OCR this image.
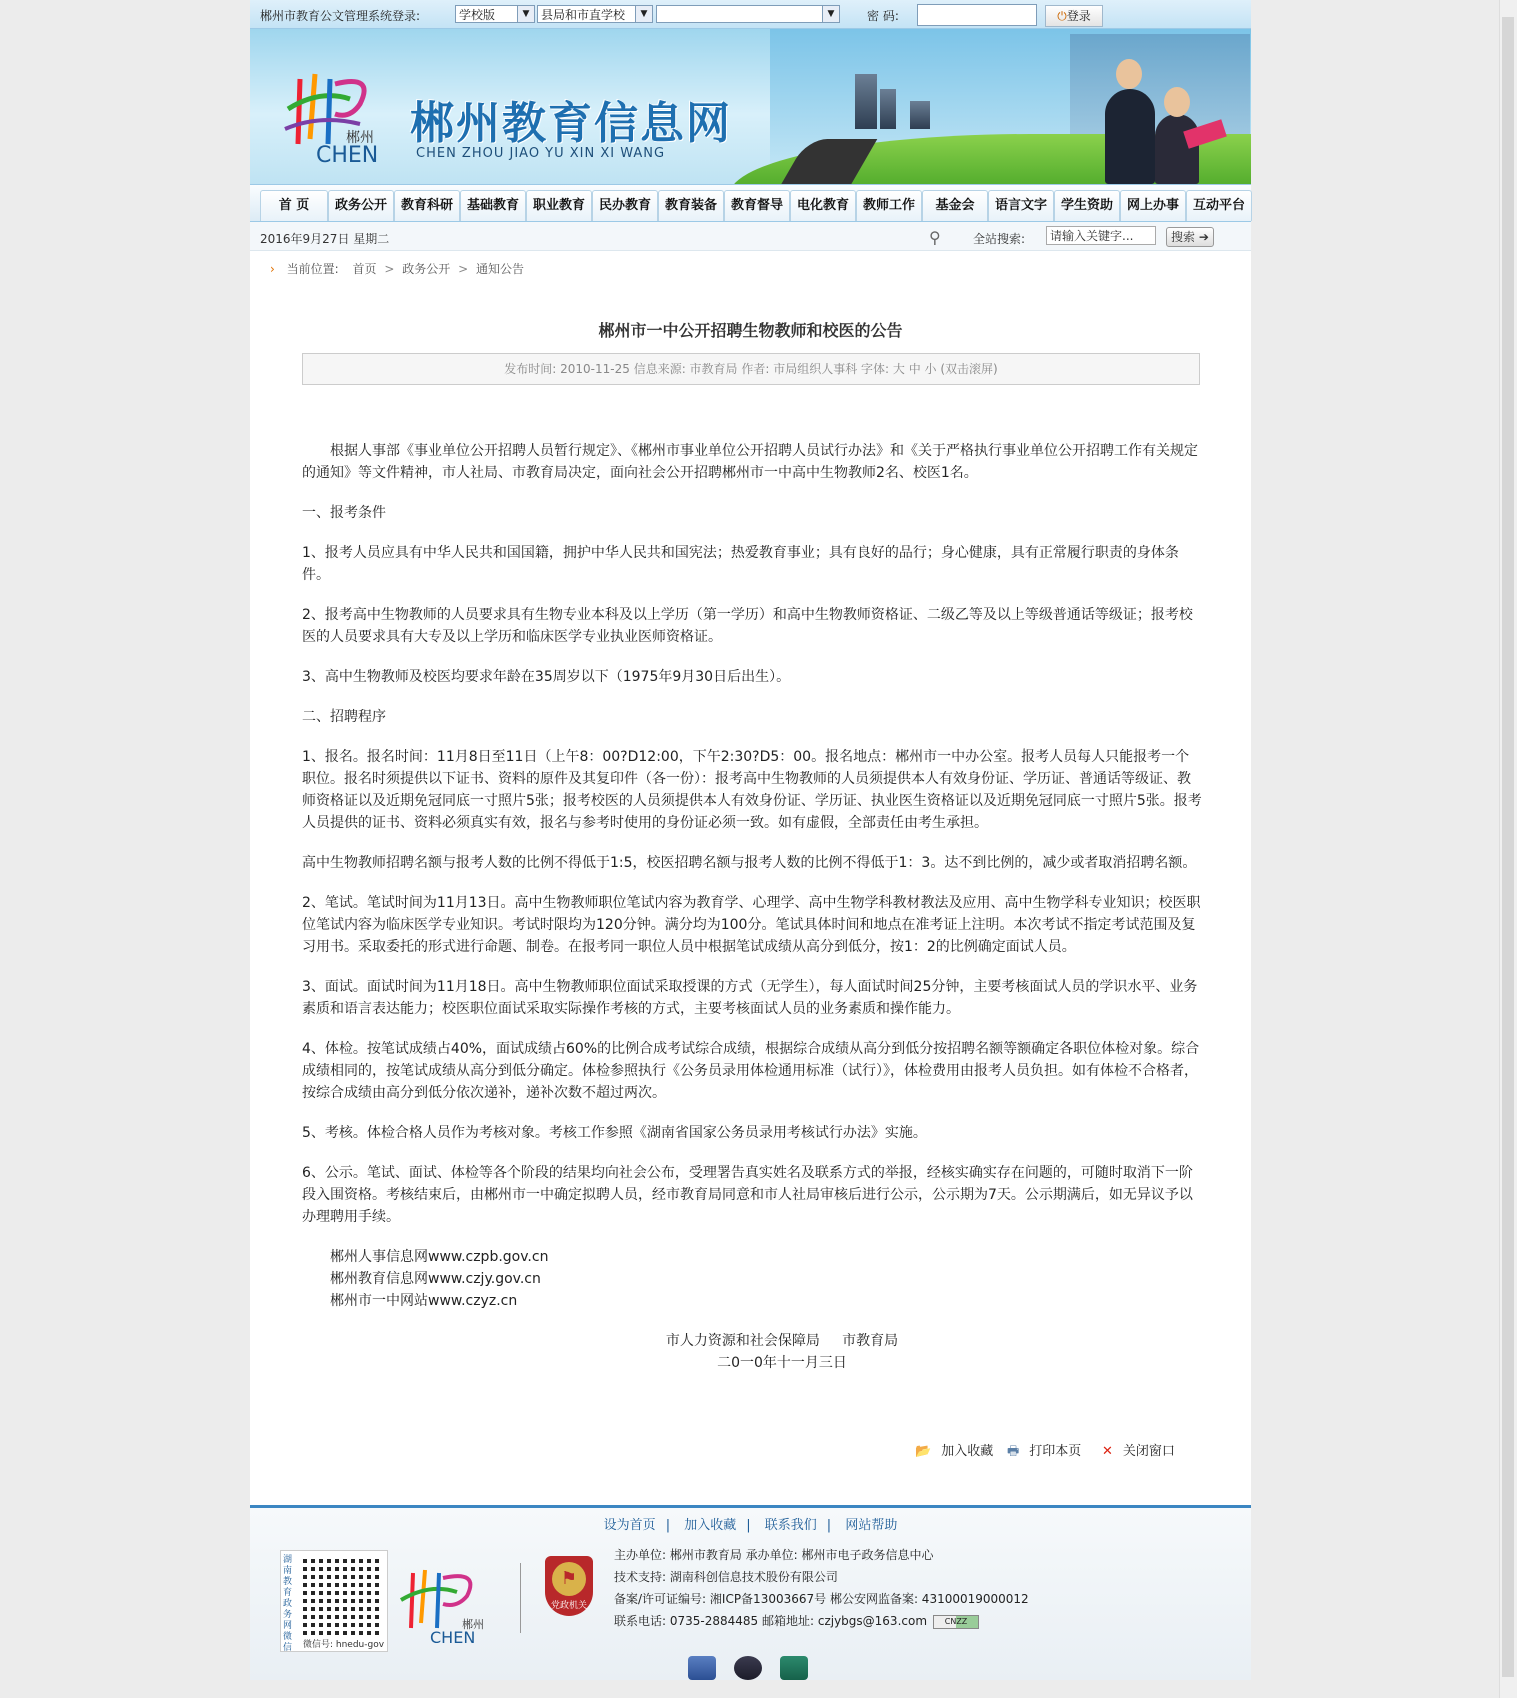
郴州市教育公文管理系统登录:	学校版	▼ 县局和市直学校	▼	▼	密 码:	⏻登录
郴州
CHEN
郴州教育信息网
CHEN ZHOU JIAO YU XIN XI WANG
首 页	政务公开	教育科研	基础教育	职业教育	民办教育	教育装备	教育督导	电化教育	教师工作	基金会	语言文字	学生资助	网上办事	互动平台
2016年9月27日 星期二	⚲	全站搜索:	请输入关键字...	搜索 ➔
› 当前位置: 首页 > 政务公开 > 通知公告
郴州市一中公开招聘生物教师和校医的公告
发布时间: 2010-11-25 信息来源: 市教育局 作者: 市局组织人事科 字体: 大 中 小 (双击滚屏)

根据人事部《事业单位公开招聘人员暂行规定》、《郴州市事业单位公开招聘人员试行办法》和《关于严格执行事业单位公开招聘工作有关规定的通知》等文件精神，市人社局、市教育局决定，面向社会公开招聘郴州市一中高中生物教师2名、校医1名。

一、报考条件

1、报考人员应具有中华人民共和国国籍，拥护中华人民共和国宪法；热爱教育事业；具有良好的品行；身心健康，具有正常履行职责的身体条件。

2、报考高中生物教师的人员要求具有生物专业本科及以上学历（第一学历）和高中生物教师资格证、二级乙等及以上等级普通话等级证；报考校医的人员要求具有大专及以上学历和临床医学专业执业医师资格证。

3、高中生物教师及校医均要求年龄在35周岁以下（1975年9月30日后出生）。

二、招聘程序

1、报名。报名时间：11月8日至11日（上午8：00?D12:00，下午2:30?D5：00。报名地点：郴州市一中办公室。报考人员每人只能报考一个职位。报名时须提供以下证书、资料的原件及其复印件（各一份）：报考高中生物教师的人员须提供本人有效身份证、学历证、普通话等级证、教师资格证以及近期免冠同底一寸照片5张；报考校医的人员须提供本人有效身份证、学历证、执业医生资格证以及近期免冠同底一寸照片5张。报考人员提供的证书、资料必须真实有效，报名与参考时使用的身份证必须一致。如有虚假，全部责任由考生承担。

高中生物教师招聘名额与报考人数的比例不得低于1:5，校医招聘名额与报考人数的比例不得低于1：3。达不到比例的，减少或者取消招聘名额。

2、笔试。笔试时间为11月13日。高中生物教师职位笔试内容为教育学、心理学、高中生物学科教材教法及应用、高中生物学科专业知识；校医职位笔试内容为临床医学专业知识。考试时限均为120分钟。满分均为100分。笔试具体时间和地点在准考证上注明。本次考试不指定考试范围及复习用书。采取委托的形式进行命题、制卷。在报考同一职位人员中根据笔试成绩从高分到低分，按1：2的比例确定面试人员。

3、面试。面试时间为11月18日。高中生物教师职位面试采取授课的方式（无学生），每人面试时间25分钟，主要考核面试人员的学识水平、业务素质和语言表达能力；校医职位面试采取实际操作考核的方式，主要考核面试人员的业务素质和操作能力。

4、体检。按笔试成绩占40%，面试成绩占60%的比例合成考试综合成绩，根据综合成绩从高分到低分按招聘名额等额确定各职位体检对象。综合成绩相同的，按笔试成绩从高分到低分确定。体检参照执行《公务员录用体检通用标准（试行）》，体检费用由报考人员负担。如有体检不合格者，按综合成绩由高分到低分依次递补，递补次数不超过两次。

5、考核。体检合格人员作为考核对象。考核工作参照《湖南省国家公务员录用考核试行办法》实施。

6、公示。笔试、面试、体检等各个阶段的结果均向社会公布，受理署告真实姓名及联系方式的举报，经核实确实存在问题的，可随时取消下一阶段入围资格。考核结束后，由郴州市一中确定拟聘人员，经市教育局同意和市人社局审核后进行公示，公示期为7天。公示期满后，如无异议予以办理聘用手续。

郴州人事信息网www.czpb.gov.cn
郴州教育信息网www.czjy.gov.cn
郴州市一中网站www.czyz.cn
市人力资源和社会保障局     市教育局
二0一0年十一月三日
📂 加入收藏 🖶 打印本页 ✕ 关闭窗口
设为首页 | 加入收藏 | 联系我们 | 网站帮助
湖南教育政务网微信	微信号: hnedu-gov
郴州
CHEN
⚑
党政机关
主办单位: 郴州市教育局 承办单位: 郴州市电子政务信息中心
技术支持: 湖南科创信息技术股份有限公司
备案/许可证编号: 湘ICP备13003667号 郴公安网监备案: 43100019000012
联系电话: 0735-2884485 邮箱地址: czjybgs@163.com CNZZ
